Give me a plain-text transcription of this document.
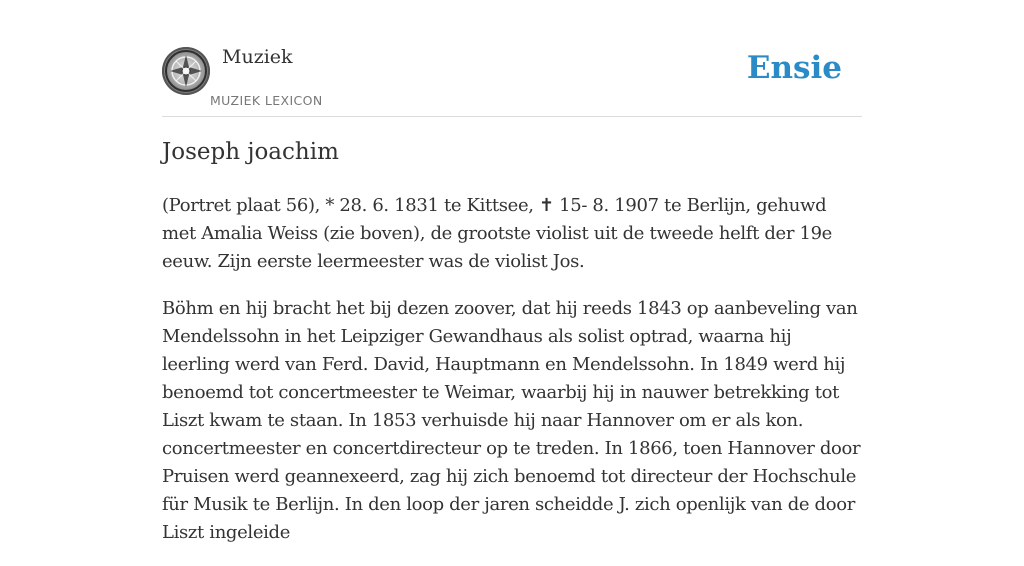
Muziek
MUZIEK LEXICON
Ensie
Joseph joachim

(Portret plaat 56), * 28. 6. 1831 te Kittsee, ✝ 15- 8. 1907 te Berlijn, gehuwd met Amalia Weiss (zie boven), de grootste violist uit de tweede helft der 19e eeuw. Zijn eerste leermeester was de violist Jos.

Böhm en hij bracht het bij dezen zoover, dat hij reeds 1843 op aanbeveling van Mendelssohn in het Leipziger Gewandhaus als solist optrad, waarna hij leerling werd van Ferd. David, Hauptmann en Mendelssohn. In 1849 werd hij benoemd tot concertmeester te Weimar, waarbij hij in nauwer betrekking tot Liszt kwam te staan. In 1853 verhuisde hij naar Hannover om er als kon. concertmeester en concertdirecteur op te treden. In 1866, toen Hannover door Pruisen werd geannexeerd, zag hij zich benoemd tot directeur der Hochschule für Musik te Berlijn. In den loop der jaren scheidde J. zich openlijk van de door Liszt ingeleide
